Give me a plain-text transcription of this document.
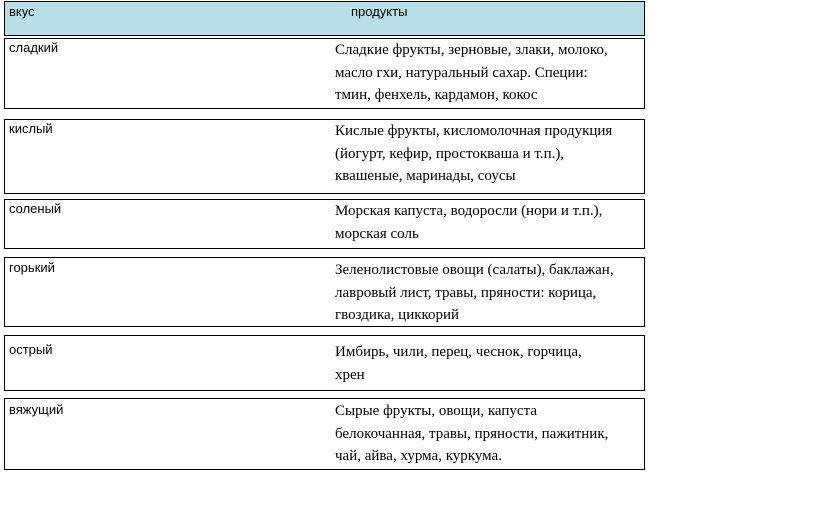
вкус	продукты
сладкий	Сладкие фрукты, зерновые, злаки, молоко,
масло гхи, натуральный сахар. Специи:
тмин, фенхель, кардамон, кокос
кислый	Кислые фрукты, кисломолочная продукция
(йогурт, кефир, простокваша и т.п.),
квашеные, маринады, соусы
соленый	Морская капуста, водоросли (нори и т.п.),
морская соль
горький	Зеленолистовые овощи (салаты), баклажан,
лавровый лист, травы, пряности: корица,
гвоздика, циккорий
острый	Имбирь, чили, перец, чеснок, горчица,
хрен
вяжущий	Сырые фрукты, овощи, капуста
белокочанная, травы, пряности, пажитник,
чай, айва, хурма, куркума.
